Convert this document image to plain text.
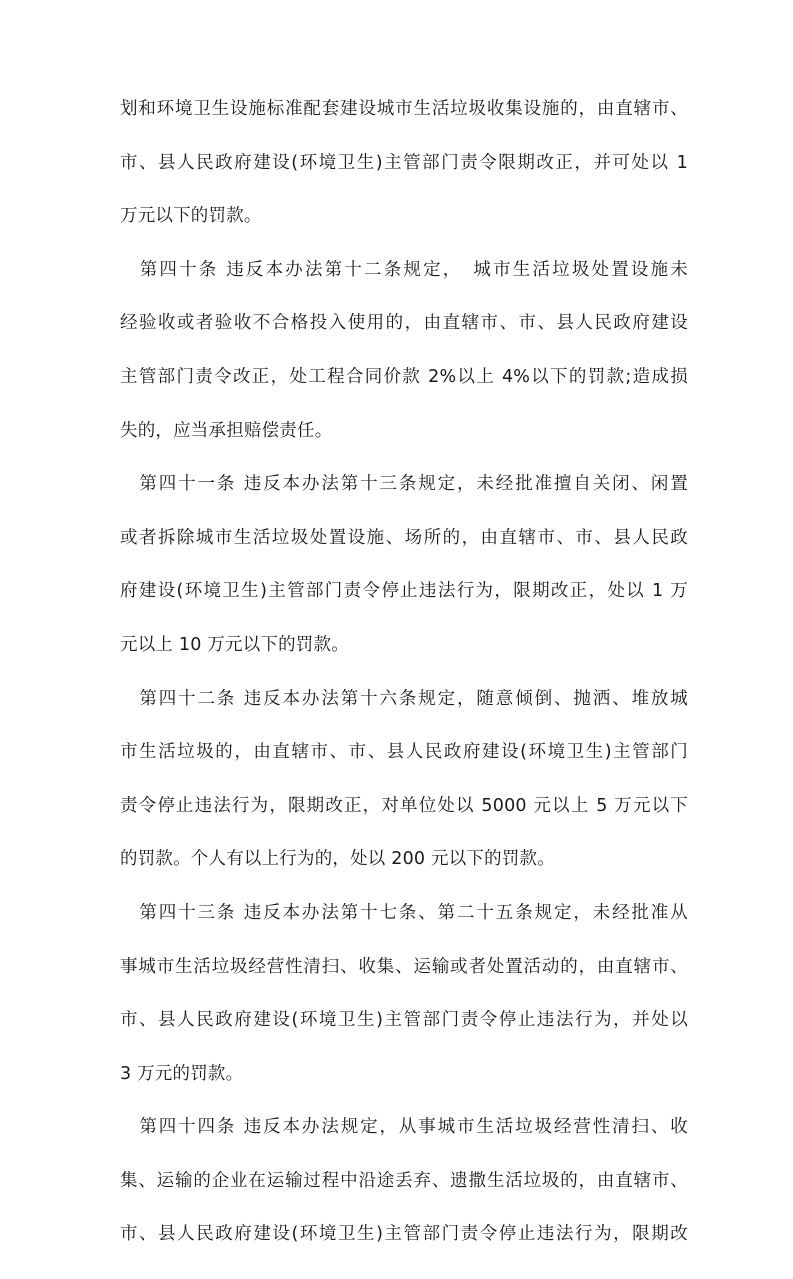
划和环境卫生设施标准配套建设城市生活垃圾收集设施的，由直辖市、
市、县人民政府建设(环境卫生)主管部门责令限期改正，并可处以 1
万元以下的罚款。
　第四十条 违反本办法第十二条规定，　城市生活垃圾处置设施未
经验收或者验收不合格投入使用的，由直辖市、市、县人民政府建设
主管部门责令改正，处工程合同价款 2%以上 4%以下的罚款;造成损
失的，应当承担赔偿责任。
　第四十一条 违反本办法第十三条规定，未经批准擅自关闭、闲置
或者拆除城市生活垃圾处置设施、场所的，由直辖市、市、县人民政
府建设(环境卫生)主管部门责令停止违法行为，限期改正，处以 1 万
元以上 10 万元以下的罚款。
　第四十二条 违反本办法第十六条规定，随意倾倒、抛洒、堆放城
市生活垃圾的，由直辖市、市、县人民政府建设(环境卫生)主管部门
责令停止违法行为，限期改正，对单位处以 5000 元以上 5 万元以下
的罚款。个人有以上行为的，处以 200 元以下的罚款。
　第四十三条 违反本办法第十七条、第二十五条规定，未经批准从
事城市生活垃圾经营性清扫、收集、运输或者处置活动的，由直辖市、
市、县人民政府建设(环境卫生)主管部门责令停止违法行为，并处以
3 万元的罚款。
　第四十四条 违反本办法规定，从事城市生活垃圾经营性清扫、收
集、运输的企业在运输过程中沿途丢弃、遗撒生活垃圾的，由直辖市、
市、县人民政府建设(环境卫生)主管部门责令停止违法行为，限期改
